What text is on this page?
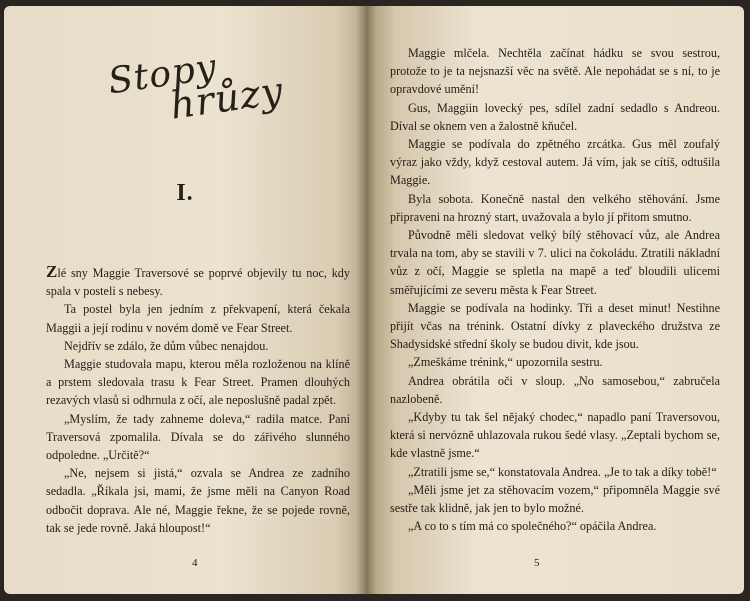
Stopy
hrůzy
I.

Zlé sny Maggie Traversové se poprvé objevily tu noc, kdy spala v posteli s nebesy.

Ta postel byla jen jedním z překvapení, která čekala Maggii a její rodinu v novém domě ve Fear Street.

Nejdřív se zdálo, že dům vůbec nenajdou.

Maggie studovala mapu, kterou měla rozloženou na klíně a prstem sledovala trasu k Fear Street. Pramen dlouhých rezavých vlasů si odhrnula z očí, ale neposlušně padal zpět.

„Myslím, že tady zahneme doleva,“ radila matce. Paní Traversová zpomalila. Dívala se do zářivého slunného odpoledne. „Určitě?“

„Ne, nejsem si jistá,“ ozvala se Andrea ze zadního sedadla. „Říkala jsi, mami, že jsme měli na Canyon Road odbočit doprava. Ale né, Maggie řekne, že se pojede rovně, tak se jede rovně. Jaká hloupost!“

4

Maggie mlčela. Nechtěla začínat hádku se svou sestrou, protože to je ta nejsnazší věc na světě. Ale nepohádat se s ní, to je opravdové umění!

Gus, Maggiin lovecký pes, sdílel zadní sedadlo s Andreou. Díval se oknem ven a žalostně kňučel.

Maggie se podívala do zpětného zrcátka. Gus měl zoufalý výraz jako vždy, když cestoval autem. Já vím, jak se cítíš, odtušila Maggie.

Byla sobota. Konečně nastal den velkého stěhování. Jsme připraveni na hrozný start, uvažovala a bylo jí přitom smutno.

Původně měli sledovat velký bílý stěhovací vůz, ale Andrea trvala na tom, aby se stavili v 7. ulici na čokoládu. Ztratili nákladní vůz z očí, Maggie se spletla na mapě a teď bloudili ulicemi směřujícími ze severu města k Fear Street.

Maggie se podívala na hodinky. Tři a deset minut! Nestihne přijít včas na trénink. Ostatní dívky z plaveckého družstva ze Shadysidské střední školy se budou divit, kde jsou.

„Zmeškáme trénink,“ upozornila sestru.

Andrea obrátila oči v sloup. „No samosebou,“ zabručela nazlobeně.

„Kdyby tu tak šel nějaký chodec,“ napadlo paní Traversovou, která si nervózně uhlazovala rukou šedé vlasy. „Zeptali bychom se, kde vlastně jsme.“

„Ztratili jsme se,“ konstatovala Andrea. „Je to tak a díky tobě!“

„Měli jsme jet za stěhovacím vozem,“ připomněla Maggie své sestře tak klidně, jak jen to bylo možné.

„A co to s tím má co společného?“ opáčila Andrea.

5
